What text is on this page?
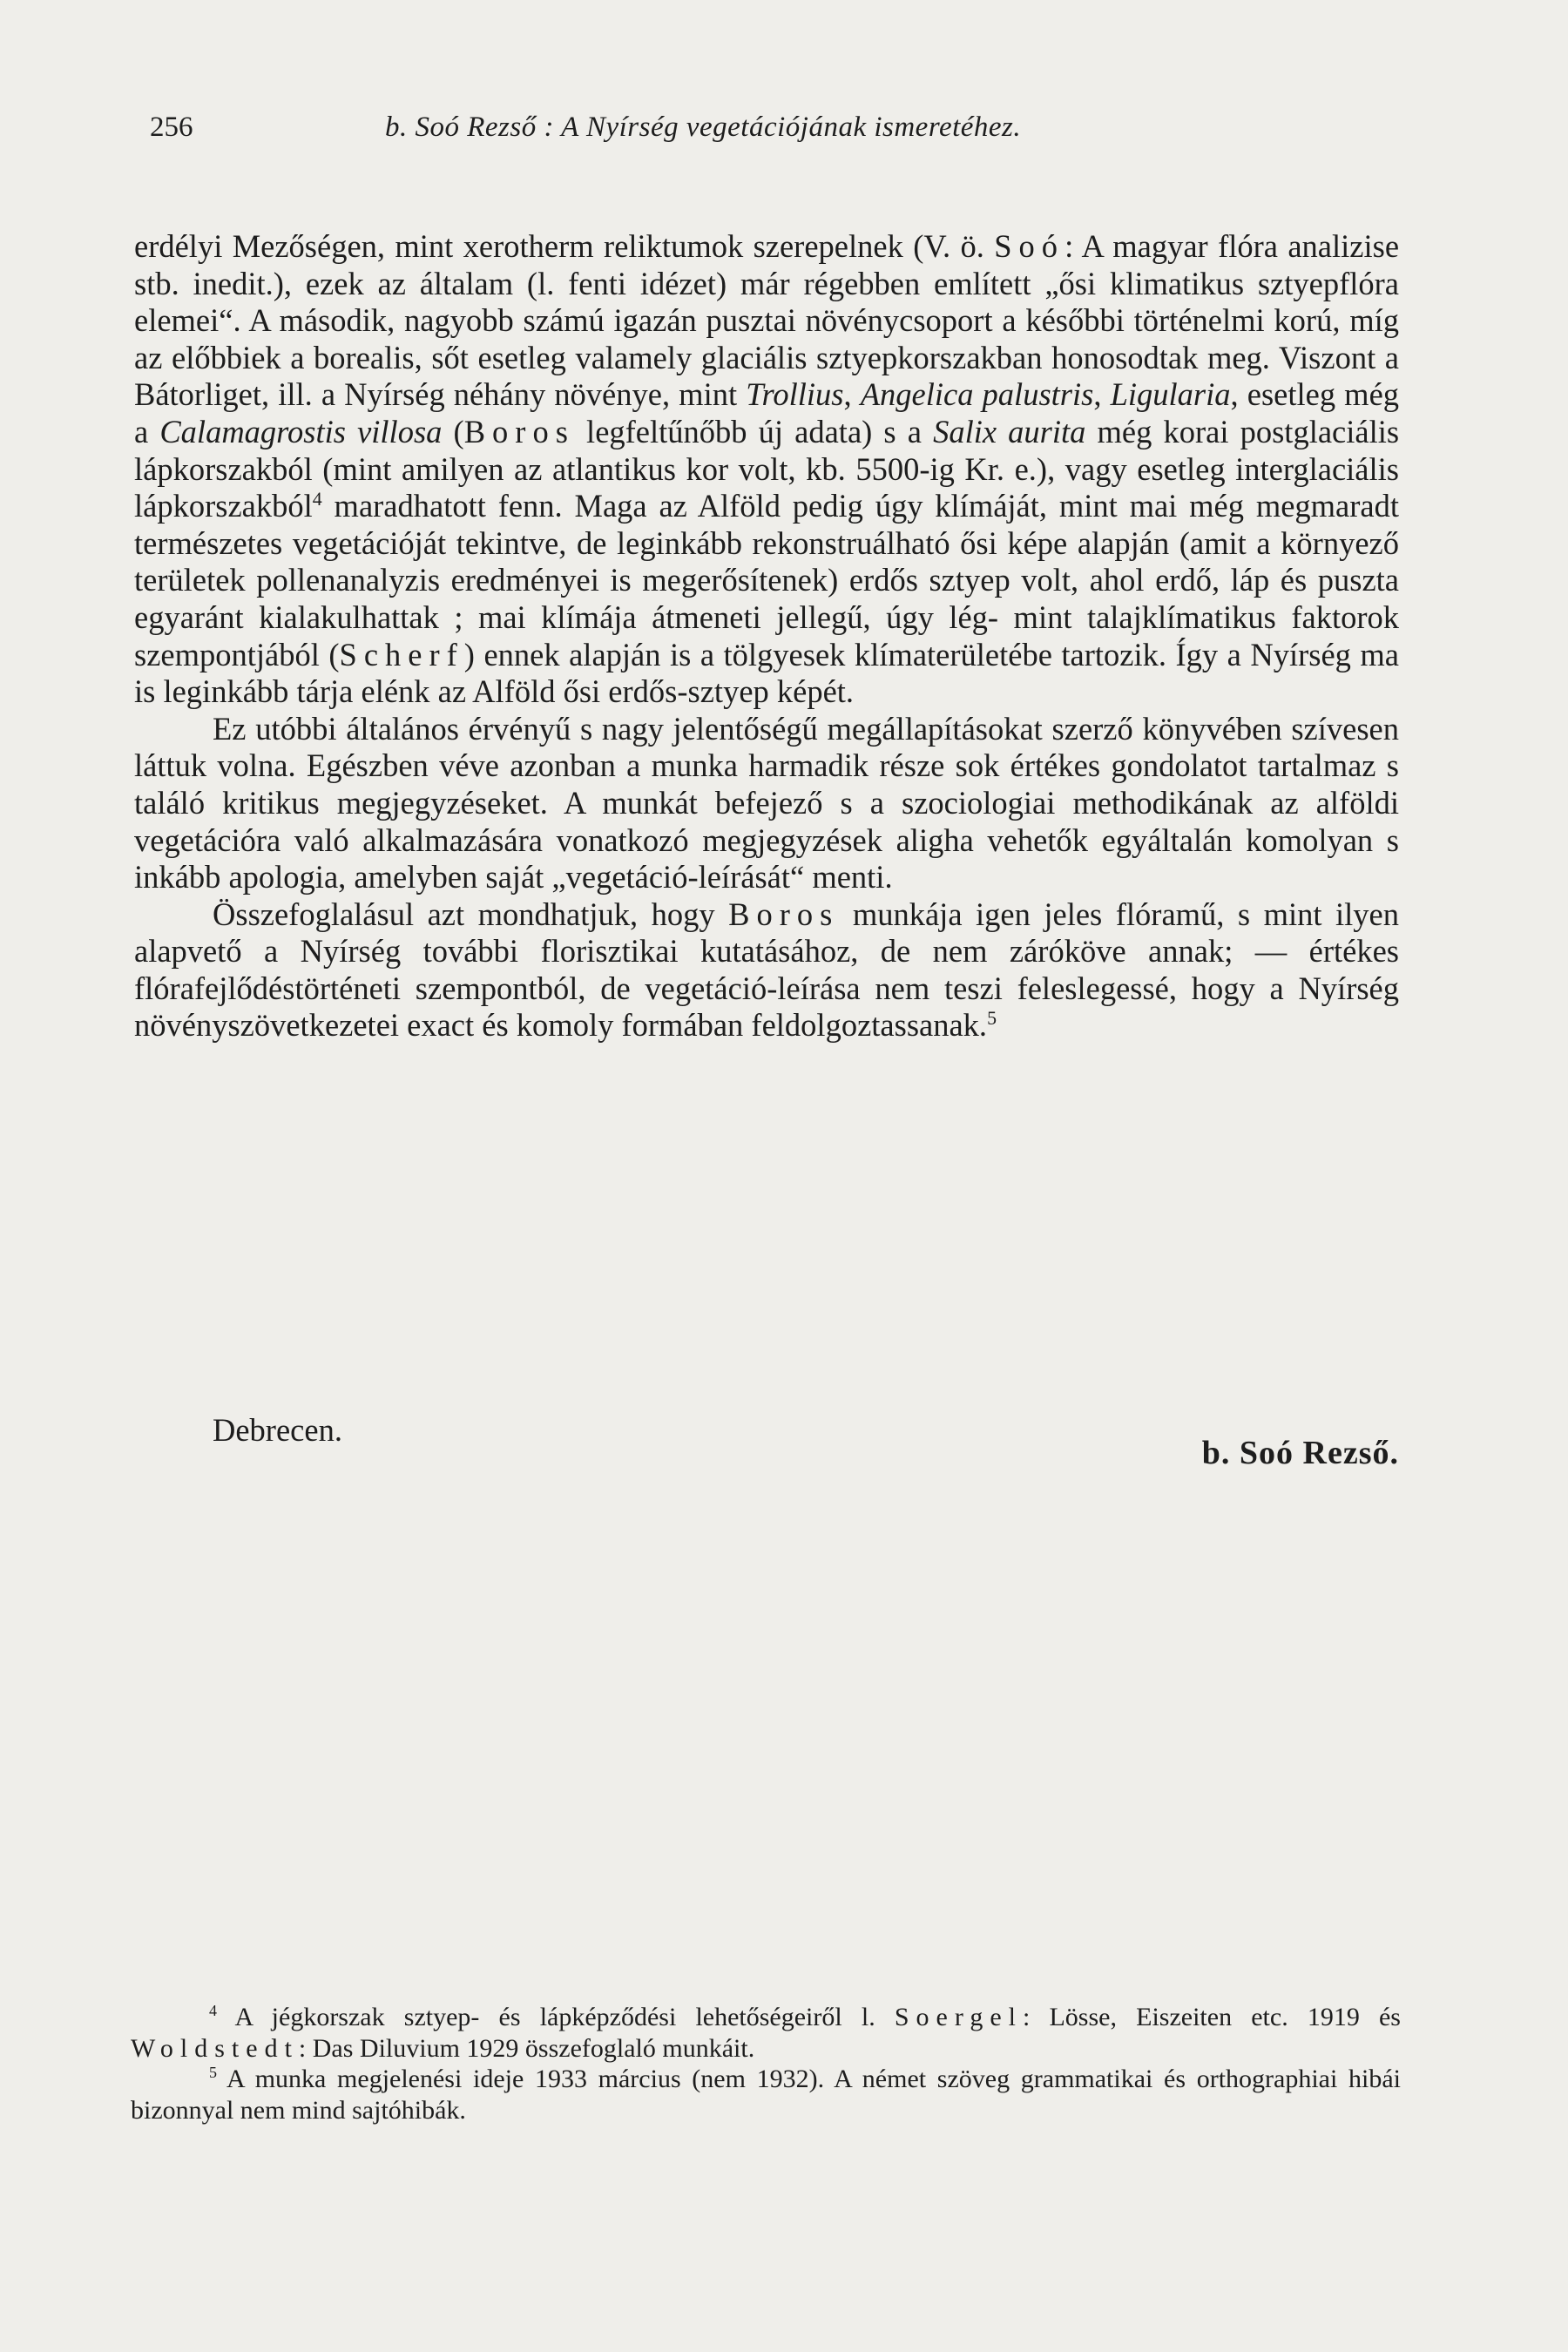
256	b. Soó Rezső : A Nyírség vegetációjának ismeretéhez.

erdélyi Mezőségen, mint xerotherm reliktumok szerepelnek (V. ö. Soó: A magyar flóra analizise stb. inedit.), ezek az általam (l. fenti idézet) már régebben említett „ősi klimatikus sztyepflóra elemei“. A második, nagyobb számú igazán pusztai növénycsoport a későbbi történelmi korú, míg az előbbiek a borealis, sőt esetleg valamely glaciális sztyepkorszakban honosodtak meg. Viszont a Bátorliget, ill. a Nyírség néhány növénye, mint Trollius, Angelica palustris, Ligularia, esetleg még a Calamagrostis villosa (Boros legfeltűnőbb új adata) s a Salix aurita még korai postglaciális lápkorszakból (mint amilyen az atlantikus kor volt, kb. 5500-ig Kr. e.), vagy esetleg interglaciális lápkorszakból$^4$ maradhatott fenn. Maga az Alföld pedig úgy klímáját, mint mai még megmaradt természetes vegetációját tekintve, de leginkább rekonstruálható ősi képe alapján (amit a környező területek pollenanalyzis eredményei is megerősítenek) erdős sztyep volt, ahol erdő, láp és puszta egyaránt kialakulhattak ; mai klímája átmeneti jellegű, úgy lég- mint talajklímatikus faktorok szempontjából (Scherf) ennek alapján is a tölgyesek klímaterületébe tartozik. Így a Nyírség ma is leginkább tárja elénk az Alföld ősi erdős-sztyep képét.

Ez utóbbi általános érvényű s nagy jelentőségű megállapításokat szerző könyvében szívesen láttuk volna. Egészben véve azonban a munka harmadik része sok értékes gondolatot tartalmaz s találó kritikus megjegyzéseket. A munkát befejező s a szociologiai methodikának az alföldi vegetációra való alkalmazására vonatkozó megjegyzések aligha vehetők egyáltalán komolyan s inkább apologia, amelyben saját „vegetáció-leírását“ menti.

Összefoglalásul azt mondhatjuk, hogy Boros munkája igen jeles flóramű, s mint ilyen alapvető a Nyírség további florisztikai kutatásához, de nem záróköve annak; — értékes flórafejlődéstörténeti szempontból, de vegetáció-leírása nem teszi feleslegessé, hogy a Nyírség növényszövetkezetei exact és komoly formában feldolgoztassanak.$^5$

Debrecen.
b. Soó Rezső.

$^4$ A jégkorszak sztyep- és lápképződési lehetőségeiről l. Soergel: Lösse, Eiszeiten etc. 1919 és Woldstedt: Das Diluvium 1929 összefoglaló munkáit.

$^5$ A munka megjelenési ideje 1933 március (nem 1932). A német szöveg grammatikai és orthographiai hibái bizonnyal nem mind sajtóhibák.
